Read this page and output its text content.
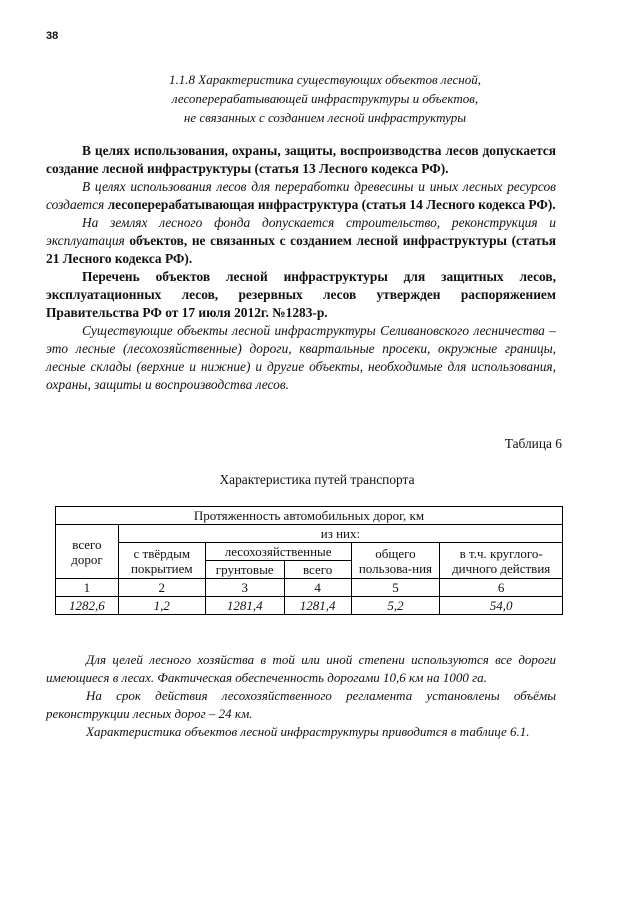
38
1.1.8 Характеристика существующих объектов лесной,
лесоперерабатывающей инфраструктуры и объектов,
не связанных с созданием лесной инфраструктуры

В целях использования, охраны, защиты, воспроизводства лесов допускается создание лесной инфраструктуры (статья 13 Лесного кодекса РФ).

В целях использования лесов для переработки древесины и иных лесных ресурсов создается лесоперерабатывающая инфраструктура (статья 14 Лесного кодекса РФ).

На землях лесного фонда допускается строительство, реконструкция и эксплуатация объектов, не связанных с созданием лесной инфраструктуры (статья 21 Лесного кодекса РФ).

Перечень объектов лесной инфраструктуры для защитных лесов, эксплуатационных лесов, резервных лесов утвержден распоряжением Правительства РФ от 17 июля 2012г. №1283-р.

Существующие объекты лесной инфраструктуры Селивановского лесничества – это лесные (лесохозяйственные) дороги, квартальные просеки, окружные границы, лесные склады (верхние и нижние) и другие объекты, необходимые для использования, охраны, защиты и воспроизводства лесов.

Таблица 6
Характеристика путей транспорта
Протяженность автомобильных дорог, км					
всего дорог	из них:				
	с твёрдым покрытием	лесохозяйственные		общего пользова-ния	в т.ч. круглого-дичного действия
		грунтовые	всего		
1	2	3	4	5	6
1282,6	1,2	1281,4	1281,4	5,2	54,0

Для целей лесного хозяйства в той или иной степени используются все дороги имеющиеся в лесах. Фактическая обеспеченность дорогами 10,6 км на 1000 га.

На срок действия лесохозяйственного регламента установлены объёмы реконструкции лесных дорог – 24 км.

Характеристика объектов лесной инфраструктуры приводится в таблице 6.1.
